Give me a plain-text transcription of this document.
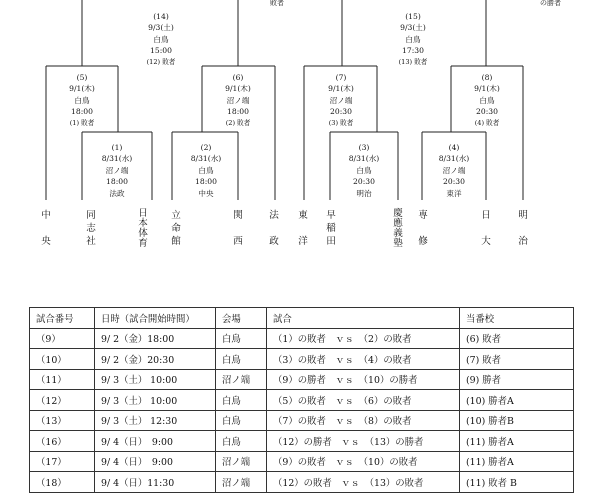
敗者	の勝者
(14)
9/3(土)
白鳥
15:00
(12) 敗者
(15)
9/3(土)
白鳥
17:30
(13) 敗者
(5)
9/1(木)
白鳥
18:00
(1) 敗者
(6)
9/1(木)
沼ノ端
18:00
(2) 敗者
(7)
9/1(木)
沼ノ端
20:30
(3) 敗者
(8)
9/1(木)
白鳥
20:30
(4) 敗者
(1)
8/31(水)
沼ノ端
18:00
法政
(2)
8/31(水)
白鳥
18:00
中央
(3)
8/31(水)
白鳥
20:30
明治
(4)
8/31(水)
沼ノ端
20:30
東洋
中
央
同
志
社
日
本
体
育
立
命
館
関
西
法
政
東
洋
早
稲
田
慶
應
義
塾
専
修
日
大
明
治
試合番号	日時（試合開始時間）	会場	試合	当番校
（9）	9/ 2（金）18:00	白鳥	（1）の敗者　ｖｓ　（2）の敗者	(6) 敗者
（10）	9/ 2（金）20:30	白鳥	（3）の敗者　ｖｓ　（4）の敗者	(7) 敗者
（11）	9/ 3（土） 10:00	沼ノ端	（9）の勝者　ｖｓ　（10）の勝者	(9) 勝者
（12）	9/ 3（土） 10:00	白鳥	（5）の敗者　ｖｓ　（6）の敗者	(10) 勝者A
（13）	9/ 3（土） 12:30	白鳥	（7）の敗者　ｖｓ　（8）の敗者	(10) 勝者B
（16）	9/ 4（日）　9:00	白鳥	（12）の勝者　ｖｓ　（13）の勝者	(11) 勝者A
（17）	9/ 4（日）　9:00	沼ノ端	（9）の敗者　ｖｓ　（10）の敗者	(11) 勝者A
（18）	9/ 4（日）11:30	沼ノ端	（12）の敗者　ｖｓ　（13）の敗者	(11) 敗者 B
